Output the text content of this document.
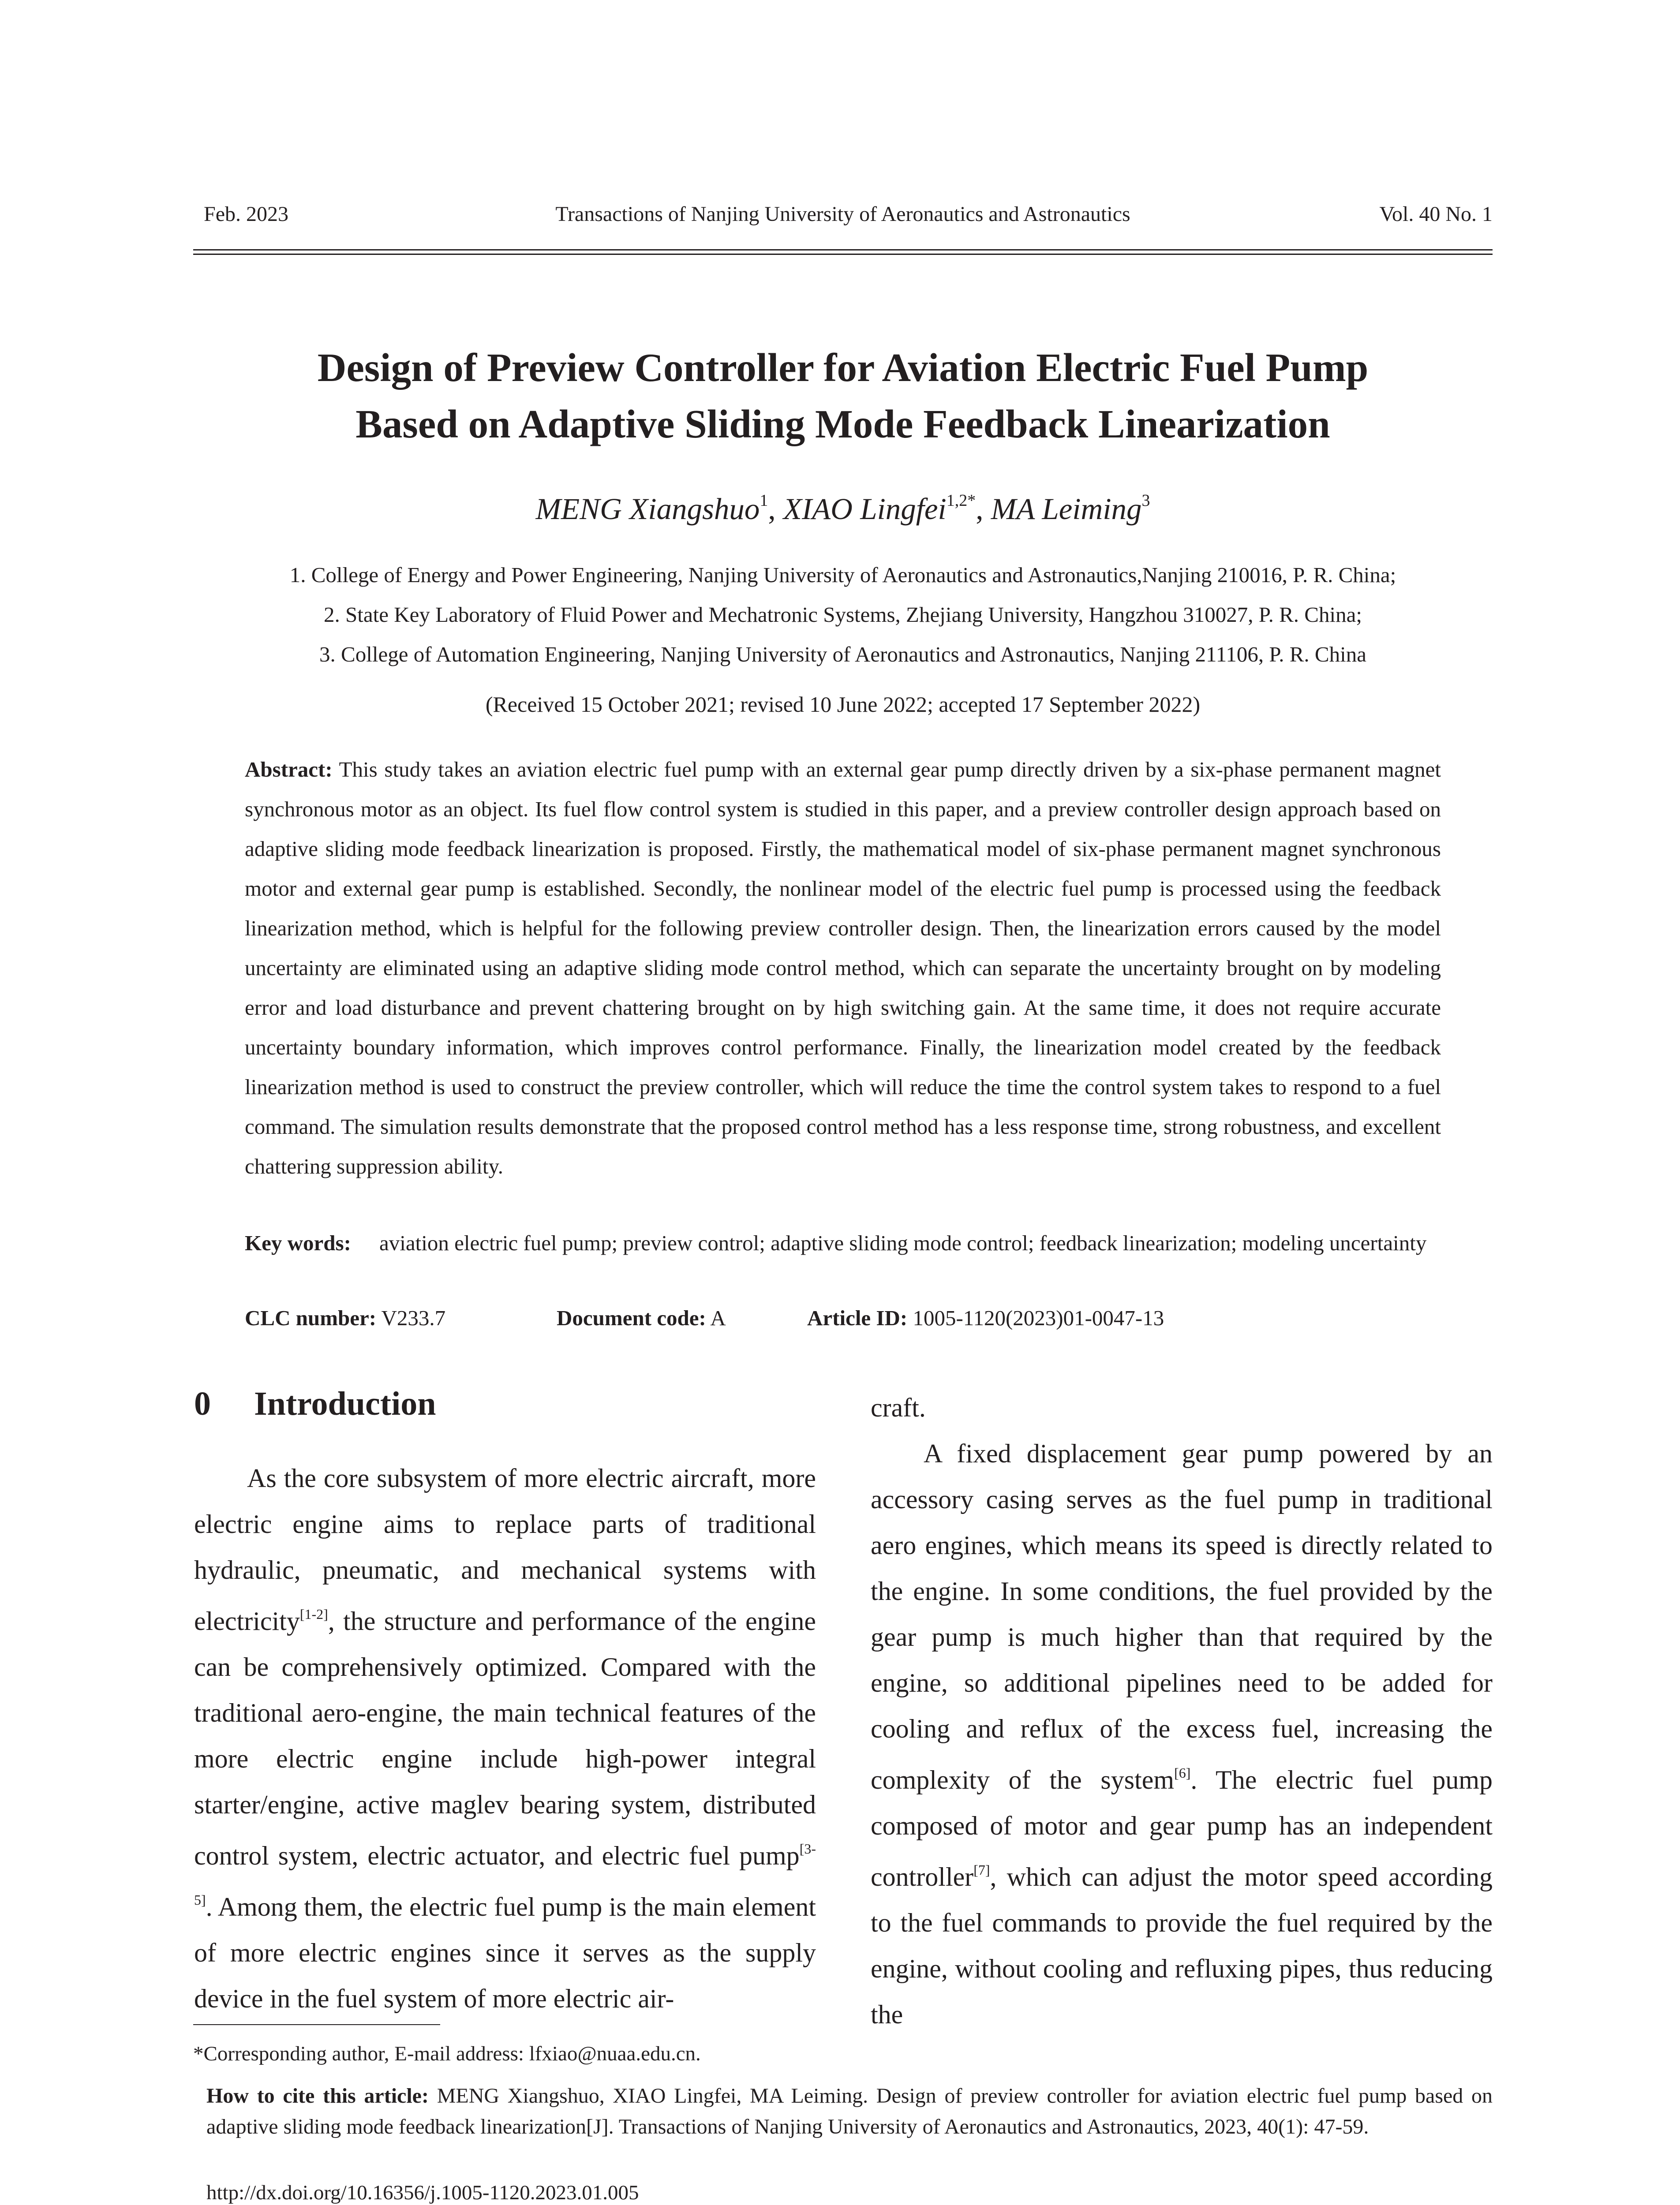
Feb. 2023	Transactions of Nanjing University of Aeronautics and Astronautics	Vol. 40 No. 1
Design of Preview Controller for Aviation Electric Fuel Pump
Based on Adaptive Sliding Mode Feedback Linearization
MENG Xiangshuo$^1$, XIAO Lingfei$^{1,2*}$, MA Leiming$^3$
1. College of Energy and Power Engineering, Nanjing University of Aeronautics and Astronautics,Nanjing 210016, P. R. China;
2. State Key Laboratory of Fluid Power and Mechatronic Systems, Zhejiang University, Hangzhou 310027, P. R. China;
3. College of Automation Engineering, Nanjing University of Aeronautics and Astronautics, Nanjing 211106, P. R. China
(Received 15 October 2021; revised 10 June 2022; accepted 17 September 2022)
Abstract: This study takes an aviation electric fuel pump with an external gear pump directly driven by a six-phase permanent magnet synchronous motor as an object. Its fuel flow control system is studied in this paper, and a preview controller design approach based on adaptive sliding mode feedback linearization is proposed. Firstly, the mathematical model of six-phase permanent magnet synchronous motor and external gear pump is established. Secondly, the nonlinear model of the electric fuel pump is processed using the feedback linearization method, which is helpful for the following preview controller design. Then, the linearization errors caused by the model uncertainty are eliminated using an adaptive sliding mode control method, which can separate the uncertainty brought on by modeling error and load disturbance and prevent chattering brought on by high switching gain. At the same time, it does not require accurate uncertainty boundary information, which improves control performance. Finally, the linearization model created by the feedback linearization method is used to construct the preview controller, which will reduce the time the control system takes to respond to a fuel command. The simulation results demonstrate that the proposed control method has a less response time, strong robustness, and excellent chattering suppression ability.
Key words: aviation electric fuel pump; preview control; adaptive sliding mode control; feedback linearization; modeling uncertainty
CLC number: V233.7	Document code: A	Article ID: 1005-1120(2023)01-0047-13
0 Introduction

As the core subsystem of more electric aircraft, more electric engine aims to replace parts of traditional hydraulic, pneumatic, and mechanical systems with electricity[1-2], the structure and performance of the engine can be comprehensively optimized. Compared with the traditional aero-engine, the main technical features of the more electric engine include high-power integral starter/engine, active maglev bearing system, distributed control system, electric actuator, and electric fuel pump[3-5]. Among them, the electric fuel pump is the main element of more electric engines since it serves as the supply device in the fuel system of more electric air-

craft.

A fixed displacement gear pump powered by an accessory casing serves as the fuel pump in traditional aero engines, which means its speed is directly related to the engine. In some conditions, the fuel provided by the gear pump is much higher than that required by the engine, so additional pipelines need to be added for cooling and reflux of the excess fuel, increasing the complexity of the system[6]. The electric fuel pump composed of motor and gear pump has an independent controller[7], which can adjust the motor speed according to the fuel commands to provide the fuel required by the engine, without cooling and refluxing pipes, thus reducing the

*Corresponding author, E-mail address: lfxiao@nuaa.edu.cn.
How to cite this article: MENG Xiangshuo, XIAO Lingfei, MA Leiming. Design of preview controller for aviation electric fuel pump based on adaptive sliding mode feedback linearization[J]. Transactions of Nanjing University of Aeronautics and Astronautics, 2023, 40(1): 47-59.
http://dx.doi.org/10.16356/j.1005-1120.2023.01.005
